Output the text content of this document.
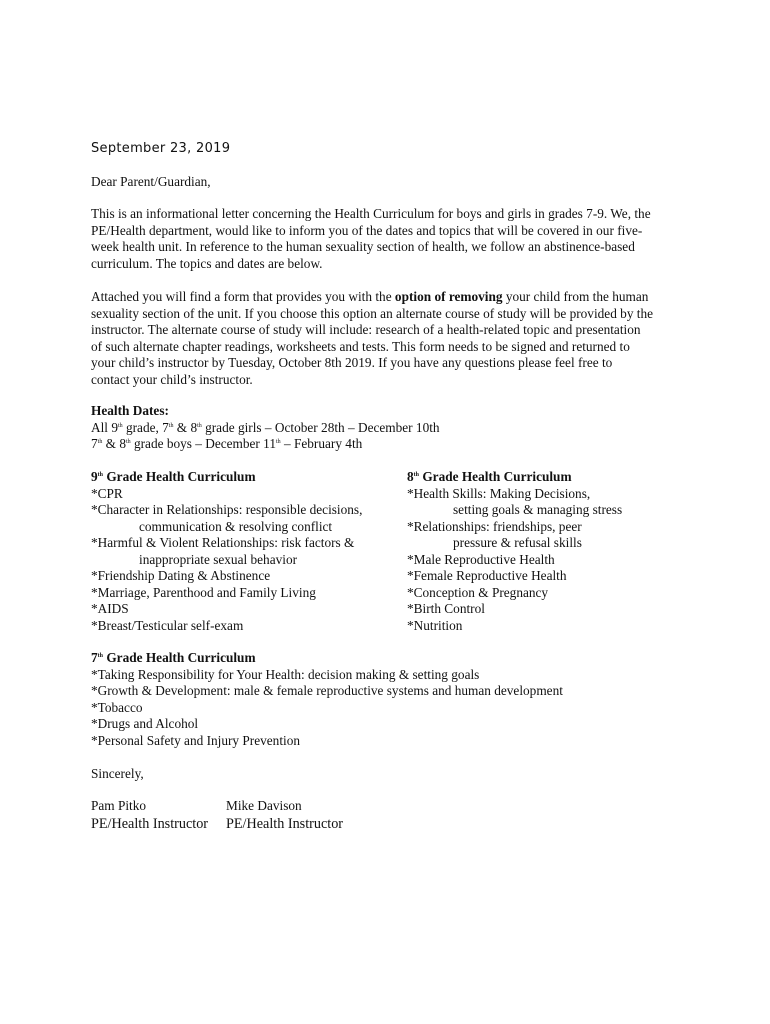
September 23, 2019
Dear Parent/Guardian,
This is an informational letter concerning the Health Curriculum for boys and girls in grades 7-9. We, the
PE/Health department, would like to inform you of the dates and topics that will be covered in our five-
week health unit. In reference to the human sexuality section of health, we follow an abstinence-based
curriculum. The topics and dates are below.
Attached you will find a form that provides you with the option of removing your child from the human
sexuality section of the unit. If you choose this option an alternate course of study will be provided by the
instructor. The alternate course of study will include: research of a health-related topic and presentation
of such alternate chapter readings, worksheets and tests. This form needs to be signed and returned to
your child’s instructor by Tuesday, October 8th 2019. If you have any questions please feel free to
contact your child’s instructor.
Health Dates:
All 9th grade, 7th & 8th grade girls – October 28th – December 10th
7th & 8th grade boys – December 11th – February 4th
9th Grade Health Curriculum
*CPR
*Character in Relationships: responsible decisions,
communication & resolving conflict
*Harmful & Violent Relationships: risk factors &
inappropriate sexual behavior
*Friendship Dating & Abstinence
*Marriage, Parenthood and Family Living
*AIDS
*Breast/Testicular self-exam
8th Grade Health Curriculum
*Health Skills: Making Decisions,
setting goals & managing stress
*Relationships: friendships, peer
pressure & refusal skills
*Male Reproductive Health
*Female Reproductive Health
*Conception & Pregnancy
*Birth Control
*Nutrition
7th Grade Health Curriculum
*Taking Responsibility for Your Health: decision making & setting goals
*Growth & Development: male & female reproductive systems and human development
*Tobacco
*Drugs and Alcohol
*Personal Safety and Injury Prevention
Sincerely,
Pam Pitko
PE/Health Instructor
Mike Davison
PE/Health Instructor
